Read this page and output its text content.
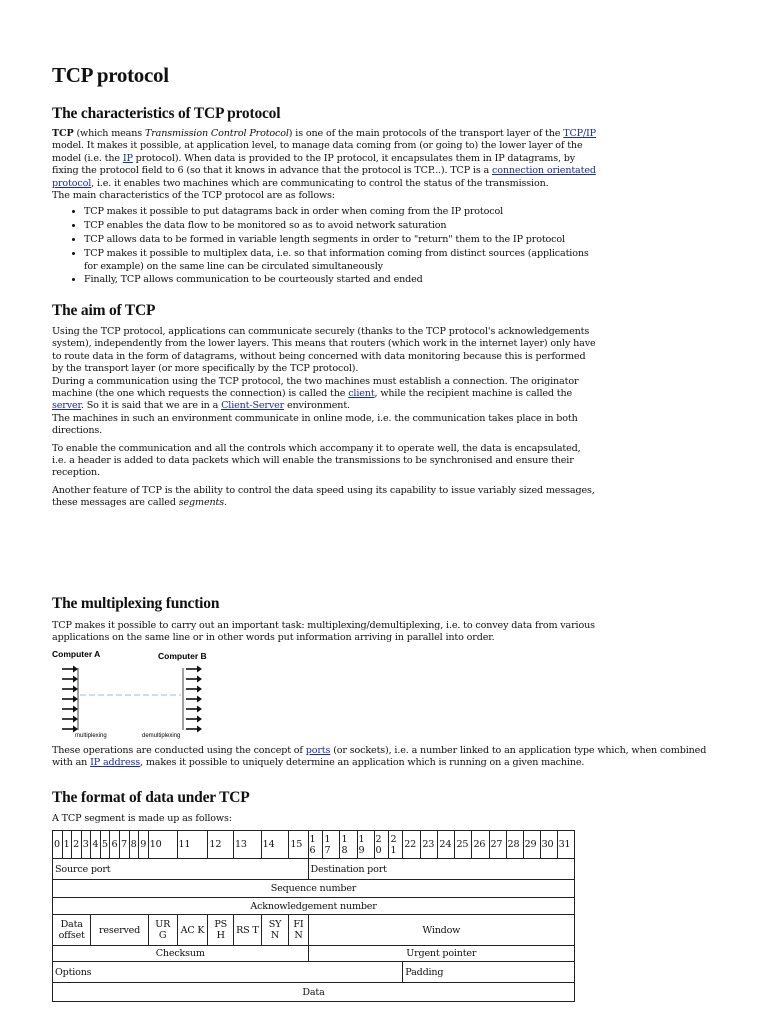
TCP protocol
The characteristics of TCP protocol

TCP (which means Transmission Control Protocol) is one of the main protocols of the transport layer of the TCP/IP model. It makes it possible, at application level, to manage data coming from (or going to) the lower layer of the model (i.e. the IP protocol). When data is provided to the IP protocol, it encapsulates them in IP datagrams, by fixing the protocol field to 6 (so that it knows in advance that the protocol is TCP...). TCP is a connection orientated protocol, i.e. it enables two machines which are communicating to control the status of the transmission.

The main characteristics of the TCP protocol are as follows:

• TCP makes it possible to put datagrams back in order when coming from the IP protocol
• TCP enables the data flow to be monitored so as to avoid network saturation
• TCP allows data to be formed in variable length segments in order to "return" them to the IP protocol
• TCP makes it possible to multiplex data, i.e. so that information coming from distinct sources (applications for example) on the same line can be circulated simultaneously
• Finally, TCP allows communication to be courteously started and ended
The aim of TCP

Using the TCP protocol, applications can communicate securely (thanks to the TCP protocol's acknowledgements system), independently from the lower layers. This means that routers (which work in the internet layer) only have to route data in the form of datagrams, without being concerned with data monitoring because this is performed by the transport layer (or more specifically by the TCP protocol).

During a communication using the TCP protocol, the two machines must establish a connection. The originator machine (the one which requests the connection) is called the client, while the recipient machine is called the server. So it is said that we are in a Client-Server environment.

The machines in such an environment communicate in online mode, i.e. the communication takes place in both directions.

To enable the communication and all the controls which accompany it to operate well, the data is encapsulated, i.e. a header is added to data packets which will enable the transmissions to be synchronised and ensure their reception.

Another feature of TCP is the ability to control the data speed using its capability to issue variably sized messages, these messages are called segments.

The multiplexing function

TCP makes it possible to carry out an important task: multiplexing/demultiplexing, i.e. to convey data from various applications on the same line or in other words put information arriving in parallel into order.

Computer A	Computer B
multiplexing	demultiplexing

These operations are conducted using the concept of ports (or sockets), i.e. a number linked to an application type which, when combined with an IP address, makes it possible to uniquely determine an application which is running on a given machine.

The format of data under TCP
A TCP segment is made up as follows:
0	1	2	3	4	5	6	7	8	9	10	11	12	13	14	15	1 6	1 7	1 8	1 9	2 0	2 1	22	23	24	25	26	27	28	29	30	31
Source port																Destination port															
Sequence number																															
Acknowledgement number																															
Data offset				reserved						UR G	AC K	PS H	RS T	SY N	FI N	Window															
Checksum																Urgent pointer															
Options																						Padding									
Data																															
